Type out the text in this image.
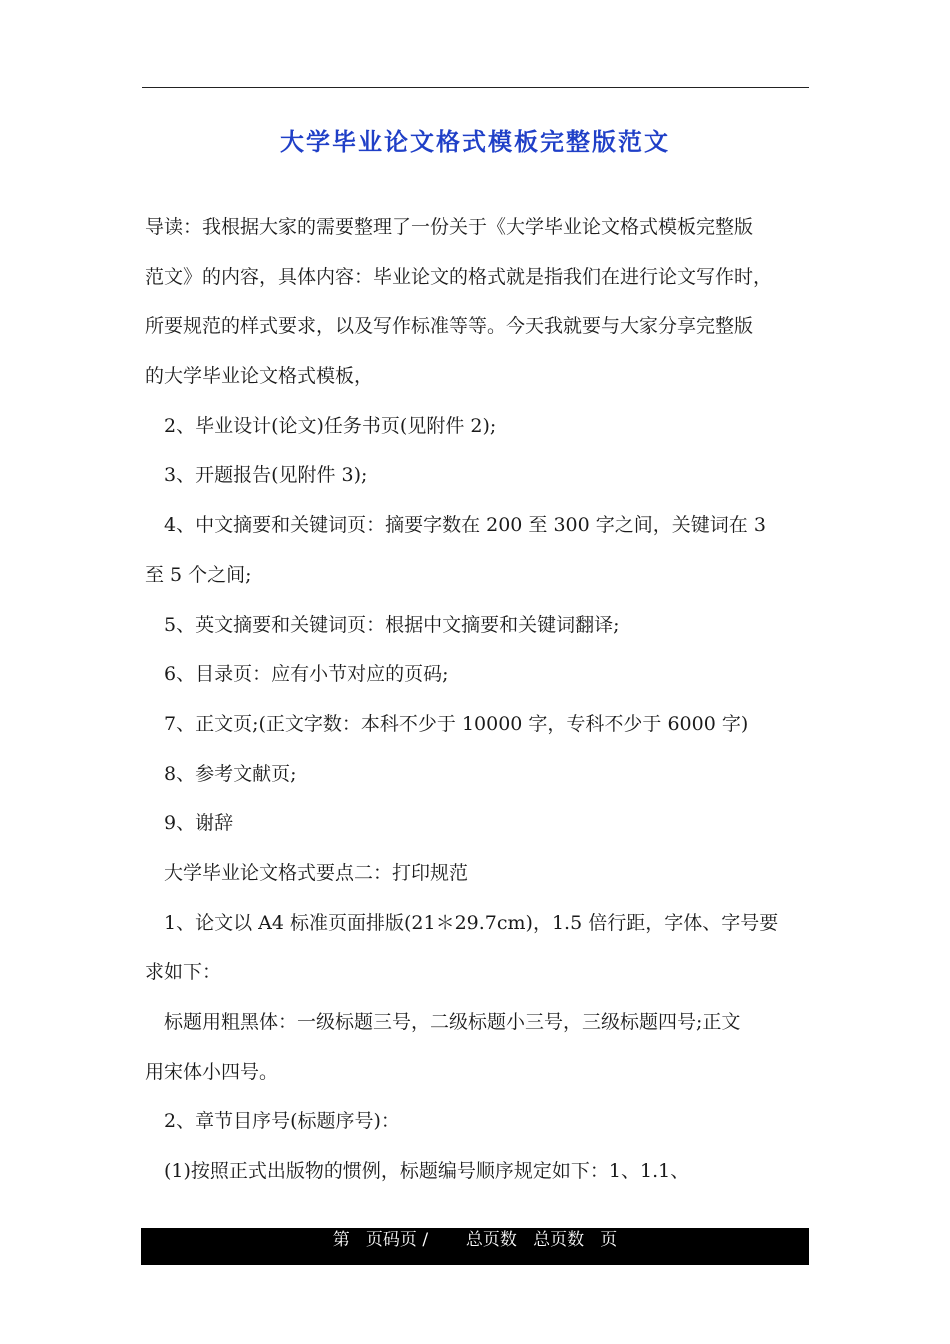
大学毕业论文格式模板完整版范文
导读：我根据大家的需要整理了一份关于《大学毕业论文格式模板完整版
范文》的内容，具体内容：毕业论文的格式就是指我们在进行论文写作时，
所要规范的样式要求，以及写作标准等等。今天我就要与大家分享完整版
的大学毕业论文格式模板，
2、毕业设计(论文)任务书页(见附件 2);
3、开题报告(见附件 3);
4、中文摘要和关键词页：摘要字数在 200 至 300 字之间，关键词在 3
至 5 个之间;
5、英文摘要和关键词页：根据中文摘要和关键词翻译;
6、目录页：应有小节对应的页码;
7、正文页;(正文字数：本科不少于 10000 字，专科不少于 6000 字)
8、参考文献页;
9、谢辞
大学毕业论文格式要点二：打印规范
1、论文以 A4 标准页面排版(21＊29.7cm)，1.5 倍行距，字体、字号要
求如下：
标题用粗黑体：一级标题三号，二级标题小三号，三级标题四号;正文
用宋体小四号。
2、章节目序号(标题序号)：
(1)按照正式出版物的惯例，标题编号顺序规定如下：1、1.1、
第   页码页 /       总页数   总页数   页
